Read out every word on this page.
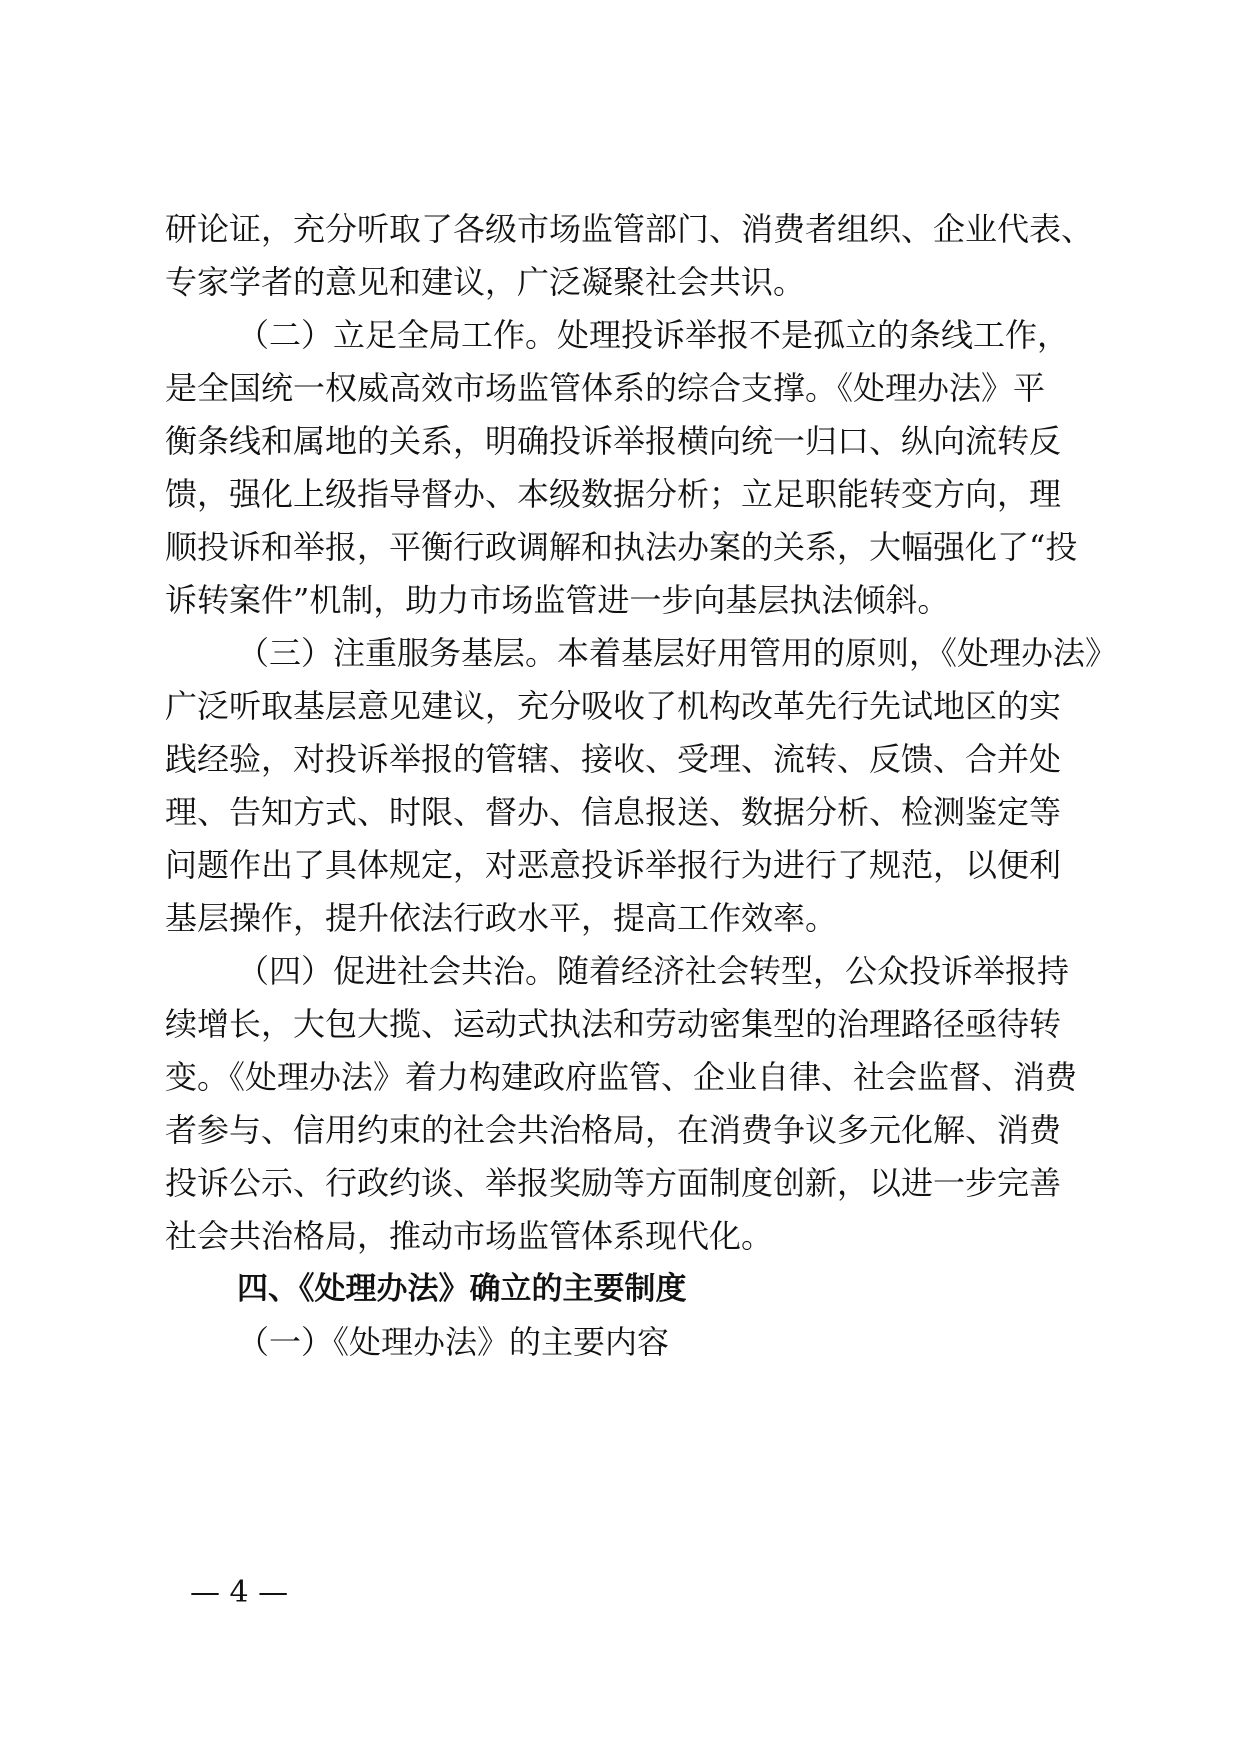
研论证，充分听取了各级市场监管部门、消费者组织、企业代表、
专家学者的意见和建议，广泛凝聚社会共识。
（二）立足全局工作。处理投诉举报不是孤立的条线工作，
是全国统一权威高效市场监管体系的综合支撑。《处理办法》平
衡条线和属地的关系，明确投诉举报横向统一归口、纵向流转反
馈，强化上级指导督办、本级数据分析；立足职能转变方向，理
顺投诉和举报，平衡行政调解和执法办案的关系，大幅强化了“投
诉转案件”机制，助力市场监管进一步向基层执法倾斜。
（三）注重服务基层。本着基层好用管用的原则，《处理办法》
广泛听取基层意见建议，充分吸收了机构改革先行先试地区的实
践经验，对投诉举报的管辖、接收、受理、流转、反馈、合并处
理、告知方式、时限、督办、信息报送、数据分析、检测鉴定等
问题作出了具体规定，对恶意投诉举报行为进行了规范，以便利
基层操作，提升依法行政水平，提高工作效率。
（四）促进社会共治。随着经济社会转型，公众投诉举报持
续增长，大包大揽、运动式执法和劳动密集型的治理路径亟待转
变。《处理办法》着力构建政府监管、企业自律、社会监督、消费
者参与、信用约束的社会共治格局，在消费争议多元化解、消费
投诉公示、行政约谈、举报奖励等方面制度创新，以进一步完善
社会共治格局，推动市场监管体系现代化。
四、《处理办法》确立的主要制度
（一）《处理办法》的主要内容
— 4 —
